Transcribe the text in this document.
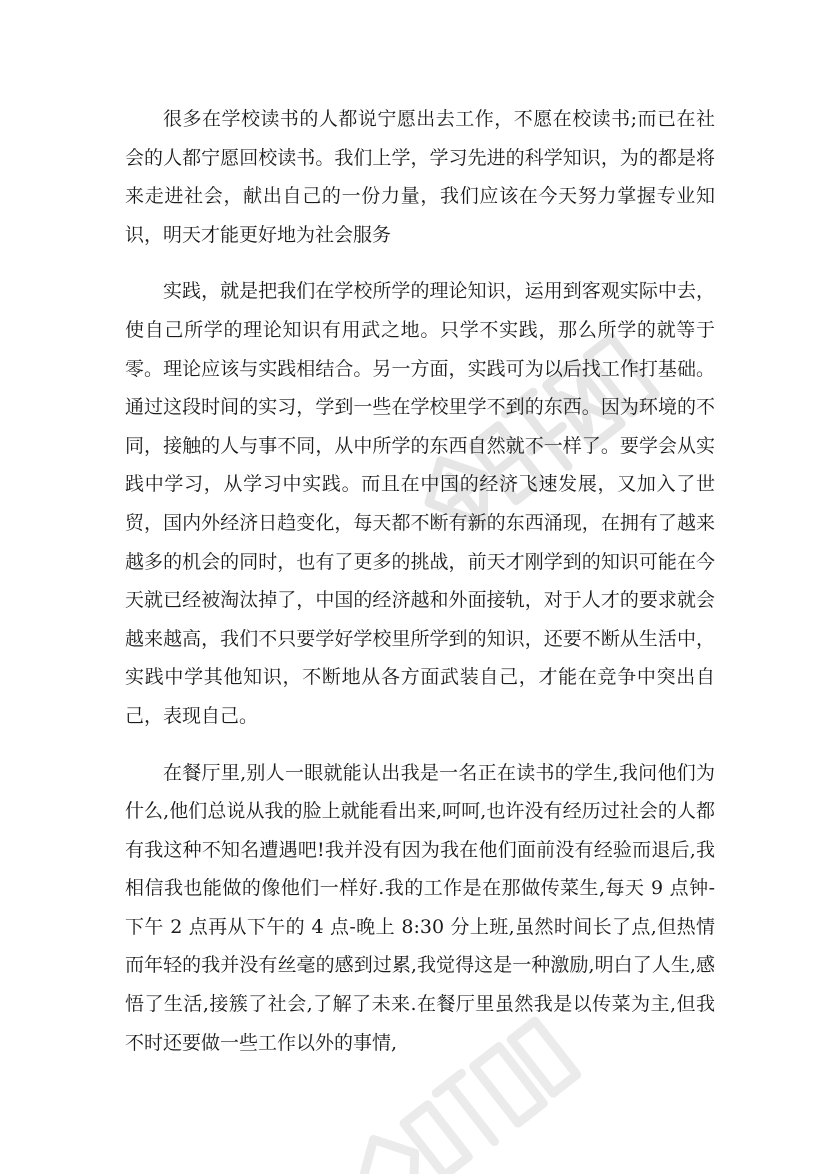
很多在学校读书的人都说宁愿出去工作，不愿在校读书;而已在社会的人都宁愿回校读书。我们上学，学习先进的科学知识，为的都是将来走进社会，献出自己的一份力量，我们应该在今天努力掌握专业知识，明天才能更好地为社会服务

实践，就是把我们在学校所学的理论知识，运用到客观实际中去，使自己所学的理论知识有用武之地。只学不实践，那么所学的就等于零。理论应该与实践相结合。另一方面，实践可为以后找工作打基础。通过这段时间的实习，学到一些在学校里学不到的东西。因为环境的不同，接触的人与事不同，从中所学的东西自然就不一样了。要学会从实践中学习，从学习中实践。而且在中国的经济飞速发展，又加入了世贸，国内外经济日趋变化，每天都不断有新的东西涌现，在拥有了越来越多的机会的同时，也有了更多的挑战，前天才刚学到的知识可能在今天就已经被淘汰掉了，中国的经济越和外面接轨，对于人才的要求就会越来越高，我们不只要学好学校里所学到的知识，还要不断从生活中，实践中学其他知识，不断地从各方面武装自己，才能在竞争中突出自己，表现自己。

在餐厅里,别人一眼就能认出我是一名正在读书的学生,我问他们为什么,他们总说从我的脸上就能看出来,呵呵,也许没有经历过社会的人都有我这种不知名遭遇吧!我并没有因为我在他们面前没有经验而退后,我相信我也能做的像他们一样好.我的工作是在那做传菜生,每天 9 点钟-下午 2 点再从下午的 4 点-晚上 8:30 分上班,虽然时间长了点,但热情而年轻的我并没有丝毫的感到过累,我觉得这是一种激励,明白了人生,感悟了生活,接簇了社会,了解了未来.在餐厅里虽然我是以传菜为主,但我不时还要做一些工作以外的事情,
